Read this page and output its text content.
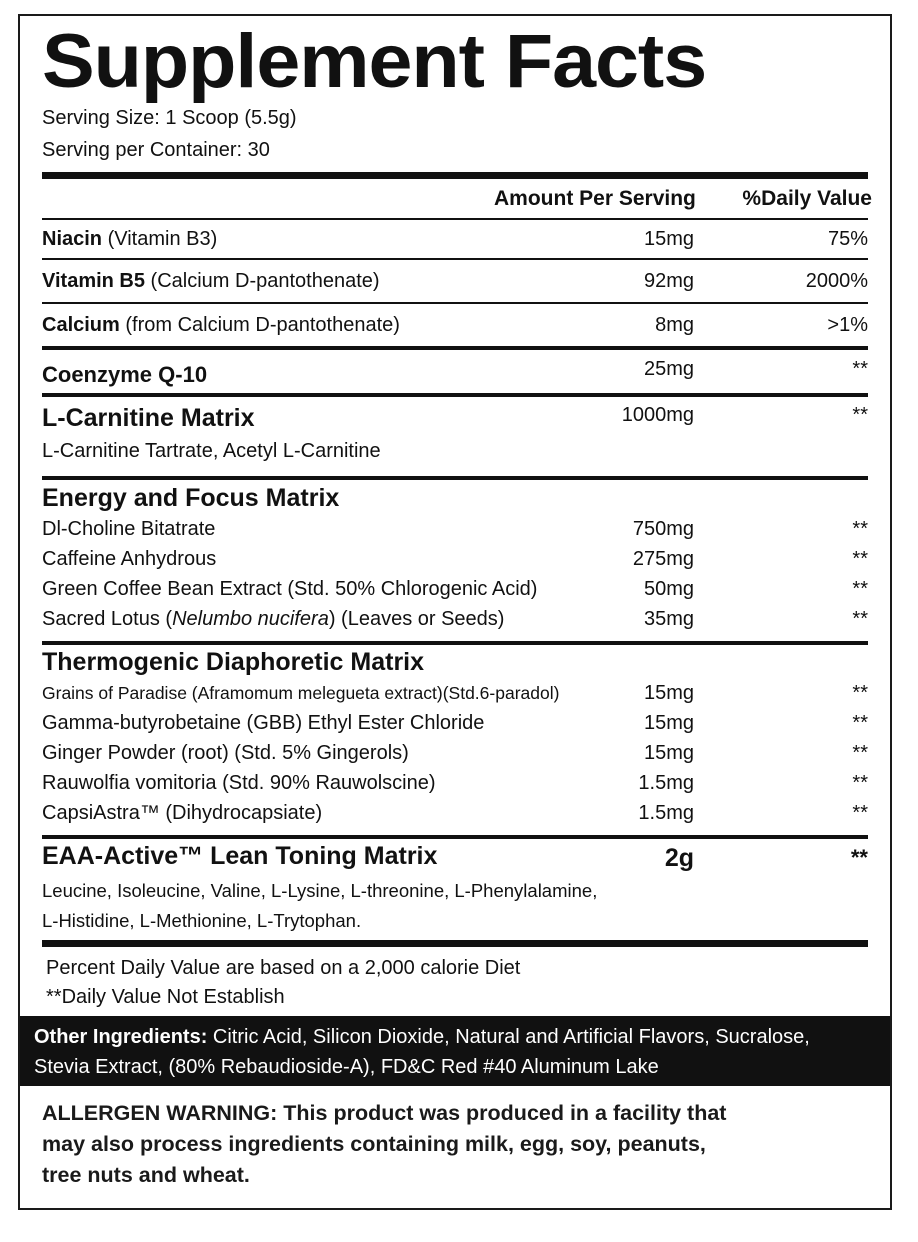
Supplement Facts
Serving Size: 1 Scoop (5.5g)
Serving per Container: 30
Amount Per Serving %Daily Value
Niacin (Vitamin B3)	15mg	75%
Vitamin B5 (Calcium D-pantothenate)	92mg	2000%
Calcium (from Calcium D-pantothenate)	8mg	>1%
Coenzyme Q-10	25mg	**
L-Carnitine Matrix	1000mg	**
L-Carnitine Tartrate, Acetyl L-Carnitine
Energy and Focus Matrix
Dl-Choline Bitatrate	750mg	**
Caffeine Anhydrous	275mg	**
Green Coffee Bean Extract (Std. 50% Chlorogenic Acid)	50mg	**
Sacred Lotus (Nelumbo nucifera) (Leaves or Seeds)	35mg	**
Thermogenic Diaphoretic Matrix
Grains of Paradise (Aframomum melegueta extract)(Std.6-paradol)	15mg	**
Gamma-butyrobetaine (GBB) Ethyl Ester Chloride	15mg	**
Ginger Powder (root) (Std. 5% Gingerols)	15mg	**
Rauwolfia vomitoria (Std. 90% Rauwolscine)	1.5mg	**
CapsiAstra™ (Dihydrocapsiate)	1.5mg	**
EAA-Active™ Lean Toning Matrix	2g	**
Leucine, Isoleucine, Valine, L-Lysine, L-threonine, L-Phenylalamine,
L-Histidine, L-Methionine, L-Trytophan.
Percent Daily Value are based on a 2,000 calorie Diet
**Daily Value Not Establish
Other Ingredients: Citric Acid, Silicon Dioxide, Natural and Artificial Flavors, Sucralose,
Stevia Extract, (80% Rebaudioside-A), FD&C Red #40 Aluminum Lake
ALLERGEN WARNING: This product was produced in a facility that
may also process ingredients containing milk, egg, soy, peanuts,
tree nuts and wheat.
